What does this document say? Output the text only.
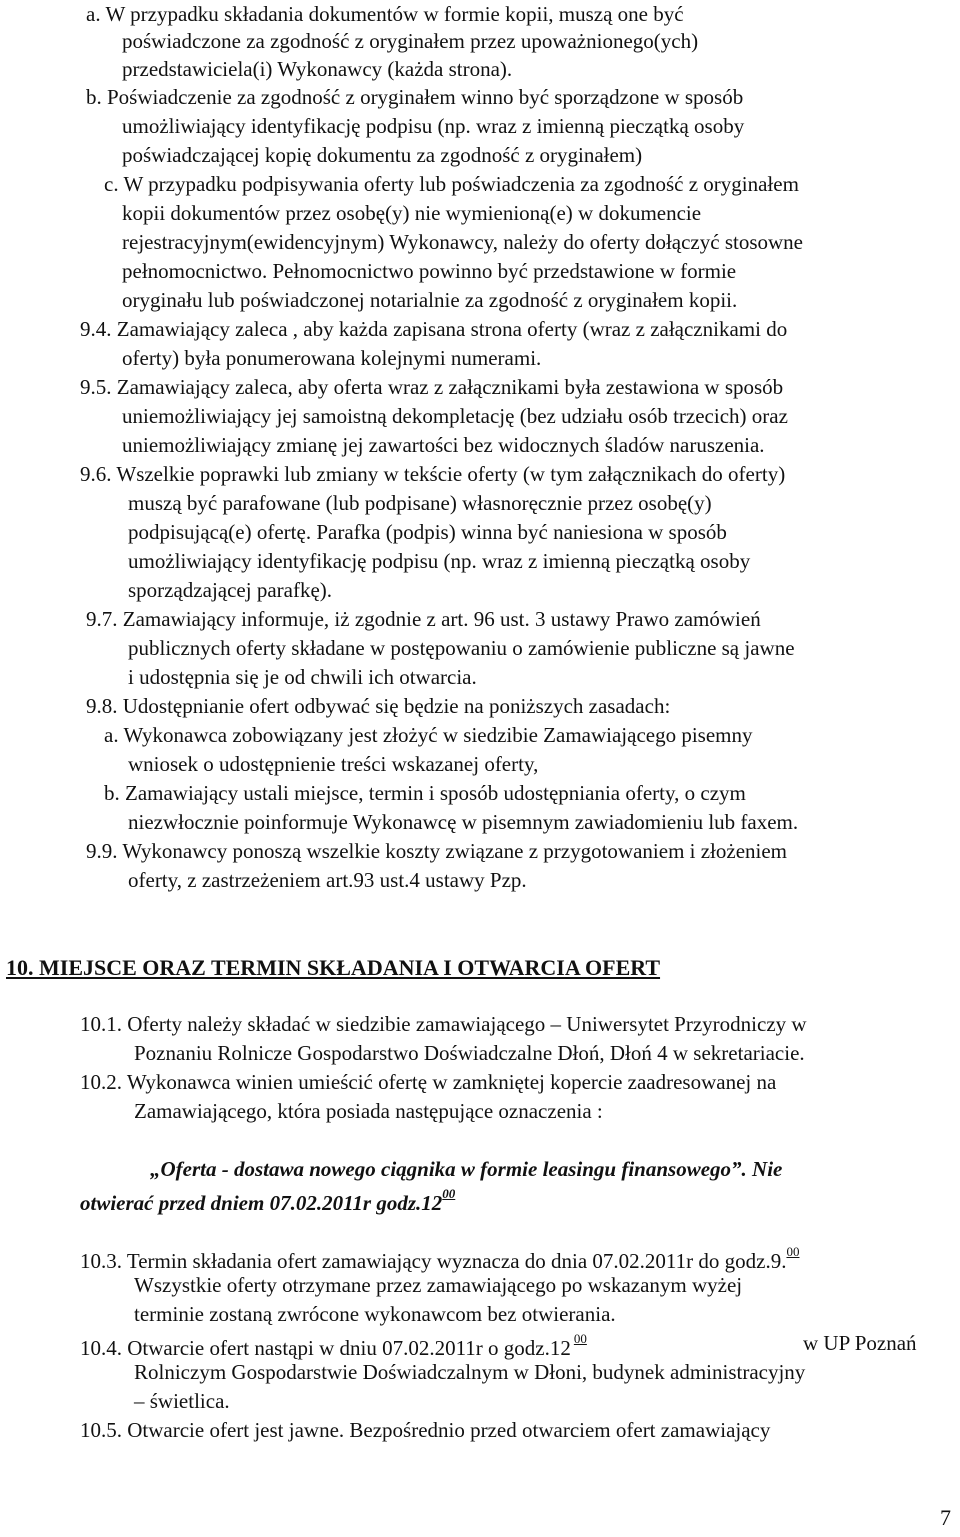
a. W przypadku składania dokumentów w formie kopii, muszą one być
poświadczone za zgodność z oryginałem przez upoważnionego(ych)
przedstawiciela(i) Wykonawcy (każda strona).
b. Poświadczenie za zgodność z oryginałem winno być sporządzone w sposób
umożliwiający identyfikację podpisu (np. wraz z imienną pieczątką osoby
poświadczającej kopię dokumentu za zgodność z oryginałem)
c. W przypadku podpisywania oferty lub poświadczenia za zgodność z oryginałem
kopii dokumentów przez osobę(y) nie wymienioną(e) w dokumencie
rejestracyjnym(ewidencyjnym) Wykonawcy, należy do oferty dołączyć stosowne
pełnomocnictwo. Pełnomocnictwo powinno być przedstawione w formie
oryginału lub poświadczonej notarialnie za zgodność z oryginałem kopii.
9.4. Zamawiający zaleca , aby każda zapisana strona oferty (wraz z załącznikami do
oferty) była ponumerowana kolejnymi numerami.
9.5. Zamawiający zaleca, aby oferta wraz z załącznikami była zestawiona w sposób
uniemożliwiający jej samoistną dekompletację (bez udziału osób trzecich) oraz
uniemożliwiający zmianę jej zawartości bez widocznych śladów naruszenia.
9.6. Wszelkie poprawki lub zmiany w tekście oferty (w tym załącznikach do oferty)
muszą być parafowane (lub podpisane) własnoręcznie przez osobę(y)
podpisującą(e) ofertę. Parafka (podpis) winna być naniesiona w sposób
umożliwiający identyfikację podpisu (np. wraz z imienną pieczątką osoby
sporządzającej parafkę).
9.7. Zamawiający informuje, iż zgodnie z art. 96 ust. 3 ustawy Prawo zamówień
publicznych oferty składane w postępowaniu o zamówienie publiczne są jawne
i udostępnia się je od chwili ich otwarcia.
9.8. Udostępnianie ofert odbywać się będzie na poniższych zasadach:
a. Wykonawca zobowiązany jest złożyć w siedzibie Zamawiającego pisemny
wniosek o udostępnienie treści wskazanej oferty,
b. Zamawiający ustali miejsce, termin i sposób udostępniania oferty, o czym
niezwłocznie poinformuje Wykonawcę w pisemnym zawiadomieniu lub faxem.
9.9. Wykonawcy ponoszą wszelkie koszty związane z przygotowaniem i złożeniem
oferty, z zastrzeżeniem art.93 ust.4 ustawy Pzp.
10. MIEJSCE ORAZ TERMIN SKŁADANIA I OTWARCIA OFERT
10.1. Oferty należy składać w siedzibie zamawiającego – Uniwersytet Przyrodniczy w
Poznaniu Rolnicze Gospodarstwo Doświadczalne Dłoń, Dłoń 4 w sekretariacie.
10.2. Wykonawca winien umieścić ofertę w zamkniętej kopercie zaadresowanej na
Zamawiającego, która posiada następujące oznaczenia :
„Oferta - dostawa nowego ciągnika w formie leasingu finansowego”. Nie
otwierać przed dniem 07.02.2011r $godz.12^{00}$
10.3. Termin składania ofert zamawiający wyznacza do dnia 07.02.2011r do godz.9.00
Wszystkie oferty otrzymane przez zamawiającego po wskazanym wyżej
terminie zostaną zwrócone wykonawcom bez otwierania.
10.4. Otwarcie ofert nastąpi w dniu 07.02.2011r o godz.12 $^{00}$	w UP Poznań
Rolniczym Gospodarstwie Doświadczalnym w Dłoni, budynek administracyjny
– świetlica.
10.5. Otwarcie ofert jest jawne. Bezpośrednio przed otwarciem ofert zamawiający
7
